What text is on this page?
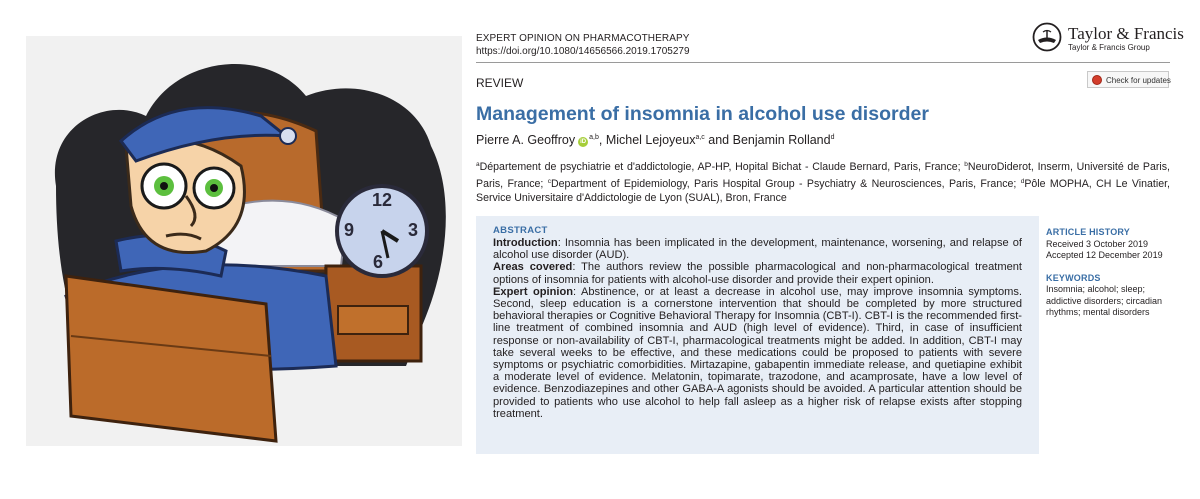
12
3
6
9
EXPERT OPINION ON PHARMACOTHERAPY
https://doi.org/10.1080/14656566.2019.1705279
Taylor & Francis
Taylor & Francis Group
REVIEW	Check for updates
Management of insomnia in alcohol use disorder
Pierre A. Geoffroy iD$^{a,b}$, Michel Lejoyeux$^{a,c}$ and Benjamin Rolland$^d$
$^a$Département de psychiatrie et d'addictologie, AP-HP, Hopital Bichat - Claude Bernard, Paris, France; $^b$NeuroDiderot, Inserm, Université de Paris, Paris, France; $^c$Department of Epidemiology, Paris Hospital Group - Psychiatry & Neurosciences, Paris, France; $^d$Pôle MOPHA, CH Le Vinatier, Service Universitaire d'Addictologie de Lyon (SUAL), Bron, France
ABSTRACT

Introduction: Insomnia has been implicated in the development, maintenance, worsening, and relapse of alcohol use disorder (AUD).

Areas covered: The authors review the possible pharmacological and non-pharmacological treatment options of insomnia for patients with alcohol-use disorder and provide their expert opinion.

Expert opinion: Abstinence, or at least a decrease in alcohol use, may improve insomnia symptoms. Second, sleep education is a cornerstone intervention that should be completed by more structured behavioral therapies or Cognitive Behavioral Therapy for Insomnia (CBT-I). CBT-I is the recommended first-line treatment of combined insomnia and AUD (high level of evidence). Third, in case of insufficient response or non-availability of CBT-I, pharmacological treatments might be added. In addition, CBT-I may take several weeks to be effective, and these medications could be proposed to patients with severe symptoms or psychiatric comorbidities. Mirtazapine, gabapentin immediate release, and quetiapine exhibit a moderate level of evidence. Melatonin, topimarate, trazodone, and acamprosate, have a low level of evidence. Benzodiazepines and other GABA-A agonists should be avoided. A particular attention should be provided to patients who use alcohol to help fall asleep as a higher risk of relapse exists after stopping treatment.

ARTICLE HISTORY
Received 3 October 2019
Accepted 12 December 2019
KEYWORDS
Insomnia; alcohol; sleep; addictive disorders; circadian rhythms; mental disorders
